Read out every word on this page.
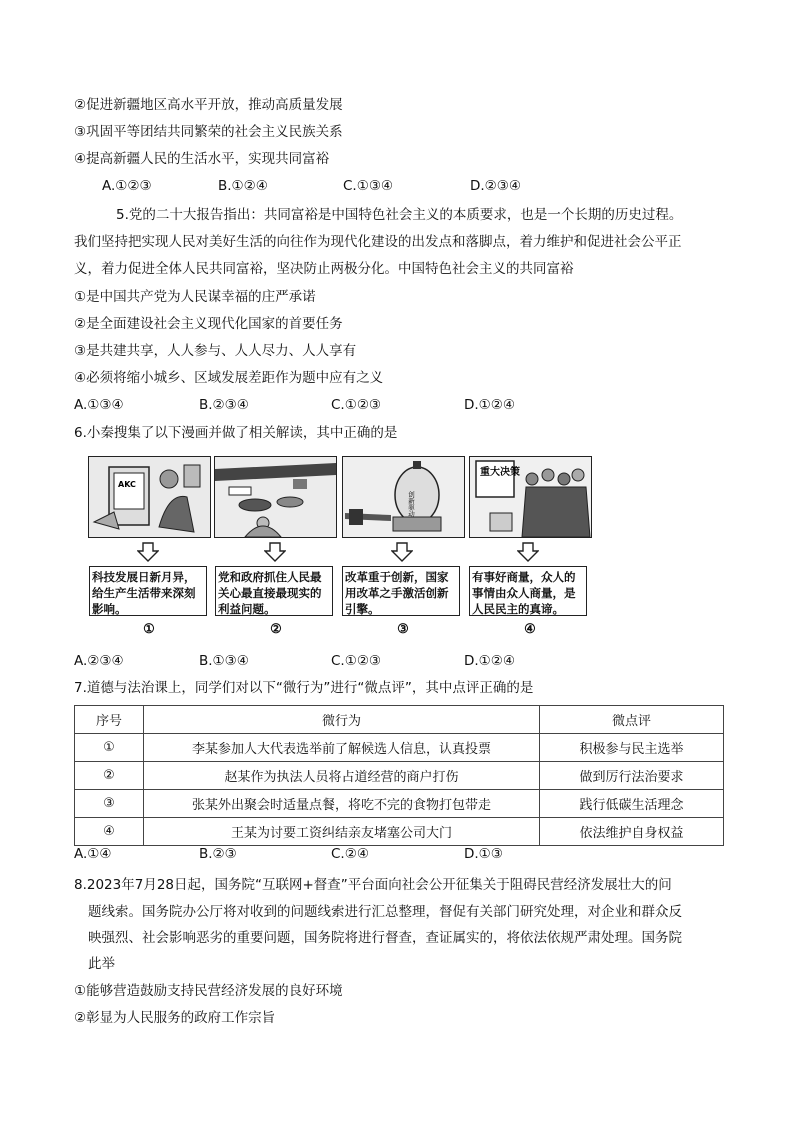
②促进新疆地区高水平开放，推动高质量发展
③巩固平等团结共同繁荣的社会主义民族关系
④提高新疆人民的生活水平，实现共同富裕
A.①②③	B.①②④	C.①③④	D.②③④
5.党的二十大报告指出：共同富裕是中国特色社会主义的本质要求，也是一个长期的历史过程。
我们坚持把实现人民对美好生活的向往作为现代化建设的出发点和落脚点，着力维护和促进社会公平正
义，着力促进全体人民共同富裕，坚决防止两极分化。中国特色社会主义的共同富裕
①是中国共产党为人民谋幸福的庄严承诺
②是全面建设社会主义现代化国家的首要任务
③是共建共享，人人参与、人人尽力、人人享有
④必须将缩小城乡、区域发展差距作为题中应有之义
A.①③④	B.②③④	C.①②③	D.①②④
6.小秦搜集了以下漫画并做了相关解读，其中正确的是
AKC
创新驱动
重大决策
科技发展日新月异，给生产生活带来深刻影响。
党和政府抓住人民最关心最直接最现实的利益问题。
改革重于创新，国家用改革之手激活创新引擎。
有事好商量，众人的事情由众人商量，是人民民主的真谛。
①	②	③	④
A.②③④	B.①③④	C.①②③	D.①②④
7.道德与法治课上，同学们对以下“微行为”进行“微点评”，其中点评正确的是
序号	微行为	微点评
①	李某参加人大代表选举前了解候选人信息，认真投票	积极参与民主选举
②	赵某作为执法人员将占道经营的商户打伤	做到厉行法治要求
③	张某外出聚会时适量点餐，将吃不完的食物打包带走	践行低碳生活理念
④	王某为讨要工资纠结亲友堵塞公司大门	依法维护自身权益
A.①④	B.②③	C.②④	D.①③
8.2023年7月28日起，国务院“互联网+督查”平台面向社会公开征集关于阻碍民营经济发展壮大的问
题线索。国务院办公厅将对收到的问题线索进行汇总整理，督促有关部门研究处理，对企业和群众反
映强烈、社会影响恶劣的重要问题，国务院将进行督查，查证属实的，将依法依规严肃处理。国务院
此举
①能够营造鼓励支持民营经济发展的良好环境
②彰显为人民服务的政府工作宗旨
